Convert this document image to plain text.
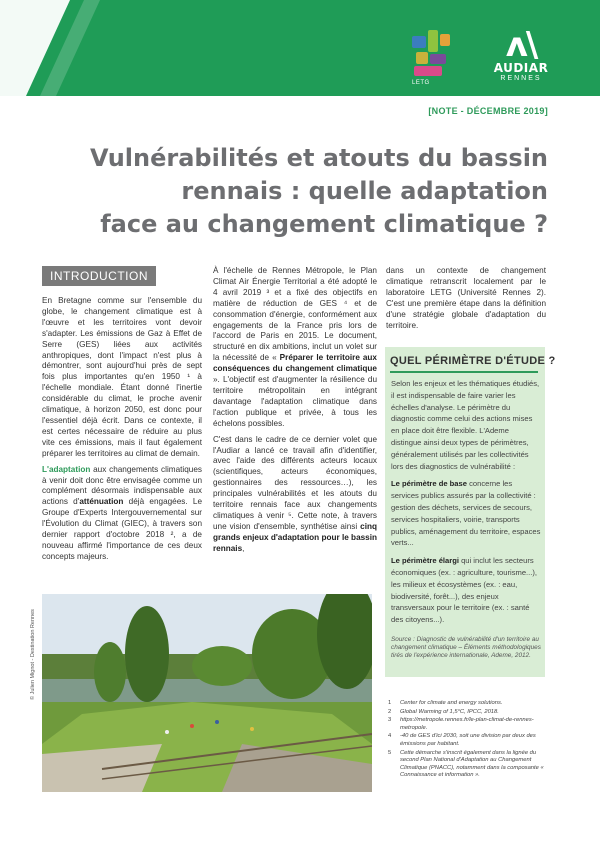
LETG
ʌ\
AUDIAR
RENNES
[NOTE - DÉCEMBRE 2019]
Vulnérabilités et atouts du bassin
rennais : quelle adaptation
face au changement climatique ?
INTRODUCTION

En Bretagne comme sur l'ensemble du globe, le changement climatique est à l'œuvre et les territoires vont devoir s'adapter. Les émissions de Gaz à Effet de Serre (GES) liées aux activités anthropiques, dont l'impact n'est plus à démontrer, sont aujourd'hui près de sept fois plus importantes qu'en 1950 ¹ à l'échelle mondiale. Étant donné l'inertie considérable du climat, le proche avenir climatique, à horizon 2050, est donc pour l'essentiel déjà écrit. Dans ce contexte, il est certes nécessaire de réduire au plus vite ces émissions, mais il faut également préparer les territoires au climat de demain.

L'adaptation aux changements climatiques à venir doit donc être envisagée comme un complément désormais indispensable aux actions d'atténuation déjà engagées. Le Groupe d'Experts Intergouvernemental sur l'Évolution du Climat (GIEC), à travers son dernier rapport d'octobre 2018 ², a de nouveau affirmé l'importance de ces deux concepts majeurs.

À l'échelle de Rennes Métropole, le Plan Climat Air Énergie Territorial a été adopté le 4 avril 2019 ³ et a fixé des objectifs en matière de réduction de GES ⁴ et de consommation d'énergie, conformément aux engagements de la France pris lors de l'accord de Paris en 2015. Le document, structuré en dix ambitions, inclut un volet sur la nécessité de « Préparer le territoire aux conséquences du changement climatique ». L'objectif est d'augmenter la résilience du territoire métropolitain en intégrant davantage l'adaptation climatique dans l'action publique et privée, à tous les échelons possibles.

C'est dans le cadre de ce dernier volet que l'Audiar a lancé ce travail afin d'identifier, avec l'aide des différents acteurs locaux (scientifiques, acteurs économiques, gestionnaires des ressources…), les principales vulnérabilités et les atouts du territoire rennais face aux changements climatiques à venir ⁵. Cette note, à travers une vision d'ensemble, synthétise ainsi cinq grands enjeux d'adaptation pour le bassin rennais,

dans un contexte de changement climatique retranscrit localement par le laboratoire LETG (Université Rennes 2). C'est une première étape dans la définition d'une stratégie globale d'adaptation du territoire.

QUEL PÉRIMÈTRE D'ÉTUDE ?

Selon les enjeux et les thématiques étudiés, il est indispensable de faire varier les échelles d'analyse. Le périmètre du diagnostic comme celui des actions mises en place doit être flexible. L'Ademe distingue ainsi deux types de périmètres, généralement utilisés par les collectivités lors des diagnostics de vulnérabilité :

Le périmètre de base concerne les services publics assurés par la collectivité : gestion des déchets, services de secours, services hospitaliers, voirie, transports publics, aménagement du territoire, espaces verts...

Le périmètre élargi qui inclut les secteurs économiques (ex. : agriculture, tourisme...), les milieux et écosystèmes (ex. : eau, biodiversité, forêt...), des enjeux transversaux pour le territoire (ex. : santé des citoyens...).

Source : Diagnostic de vulnérabilité d'un territoire au changement climatique – Éléments méthodologiques tirés de l'expérience internationale, Ademe, 2012.
© Julien Mignot - Destination Rennes
1	Center for climate and energy solutions.
2	Global Warming of 1,5°C, IPCC, 2018.
3	https://metropole.rennes.fr/le-plan-climat-de-rennes-metropole.
4	-40 de GES d'ici 2030, soit une division par deux des émissions par habitant.
5	Cette démarche s'inscrit également dans la lignée du second Plan National d'Adaptation au Changement Climatique (PNACC), notamment dans la composante « Connaissance et information ».
